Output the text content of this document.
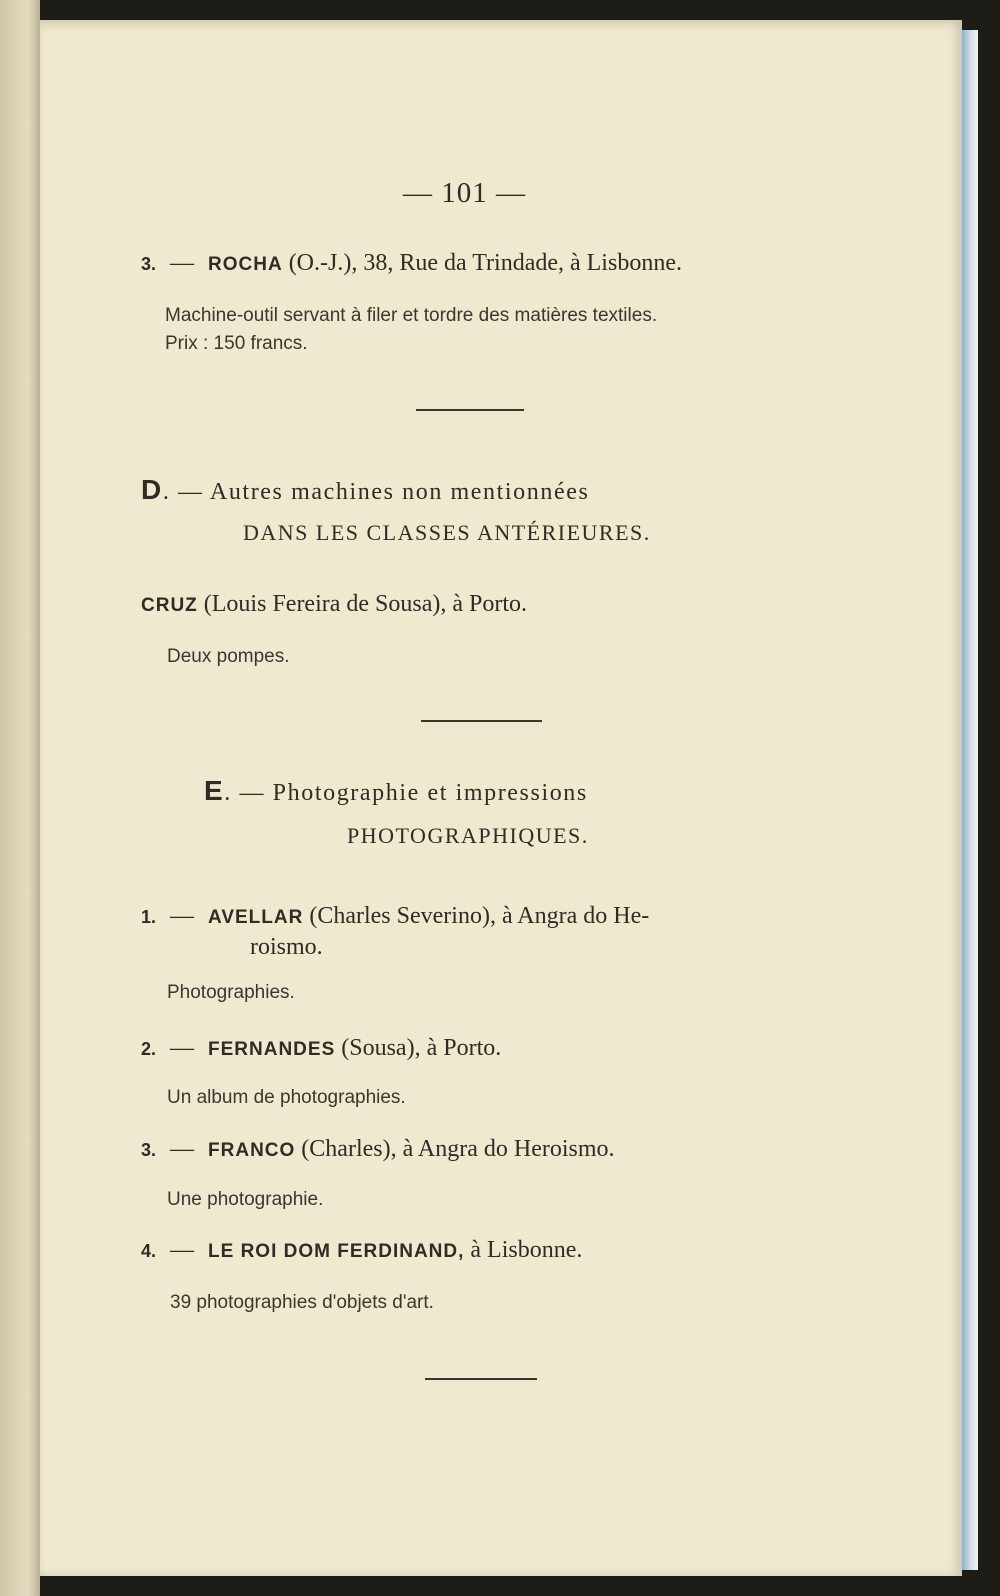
— 101 —
3. — ROCHA (O.-J.), 38, Rue da Trindade, à Lisbonne.
Machine-outil servant à filer et tordre des matières textiles.
Prix : 150 francs.
D. — Autres machines non mentionnées
DANS LES CLASSES ANTÉRIEURES.
CRUZ (Louis Fereira de Sousa), à Porto.
Deux pompes.
E. — Photographie et impressions
PHOTOGRAPHIQUES.
1. — AVELLAR (Charles Severino), à Angra do He-
roismo.
Photographies.
2. — FERNANDES (Sousa), à Porto.
Un album de photographies.
3. — FRANCO (Charles), à Angra do Heroismo.
Une photographie.
4. — LE ROI DOM FERDINAND, à Lisbonne.
39 photographies d'objets d'art.
